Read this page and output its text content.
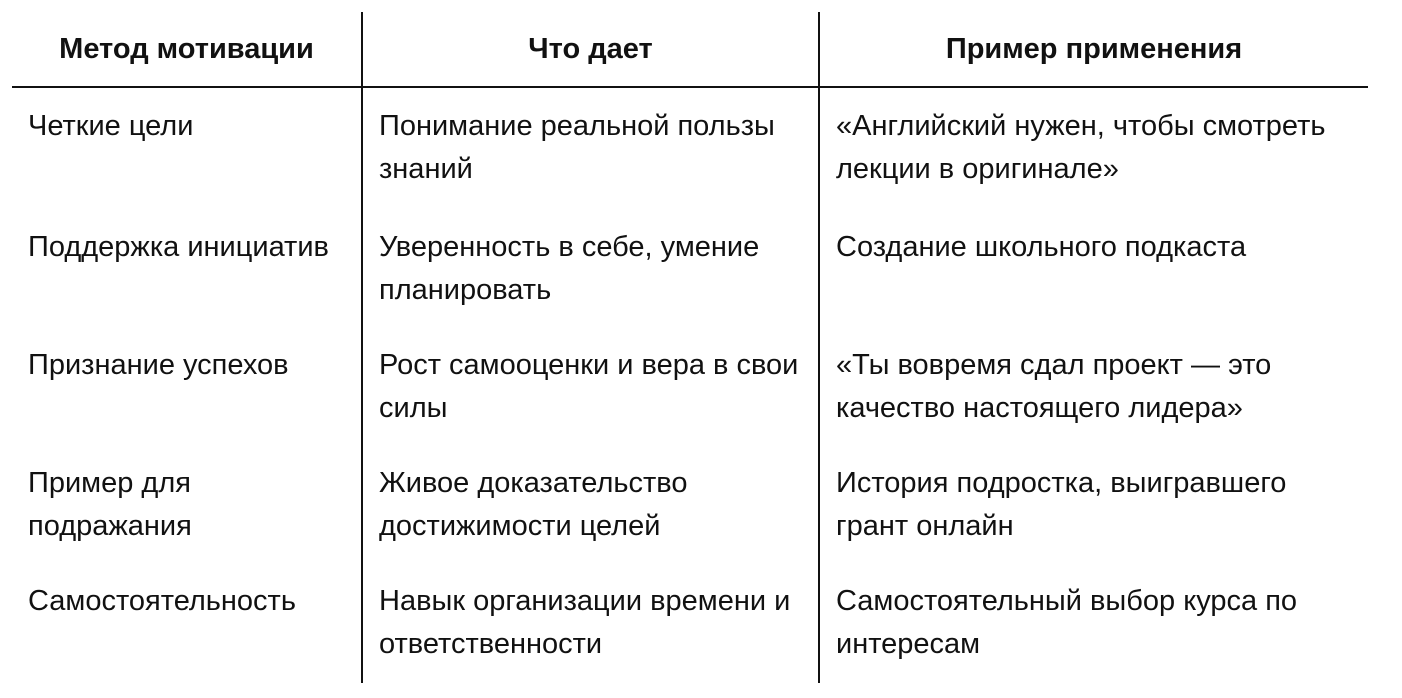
Метод мотивации	Что дает	Пример применения
Четкие цели	Понимание реальной пользы знаний	«Английский нужен, чтобы смотреть лекции в оригинале»
Поддержка инициатив	Уверенность в себе, умение планировать	Создание школьного подкаста
Признание успехов	Рост самооценки и вера в свои силы	«Ты вовремя сдал проект — это качество настоящего лидера»
Пример для подражания	Живое доказательство достижимости целей	История подростка, выигравшего грант онлайн
Самостоятельность	Навык организации времени и ответственности	Самостоятельный выбор курса по интересам
